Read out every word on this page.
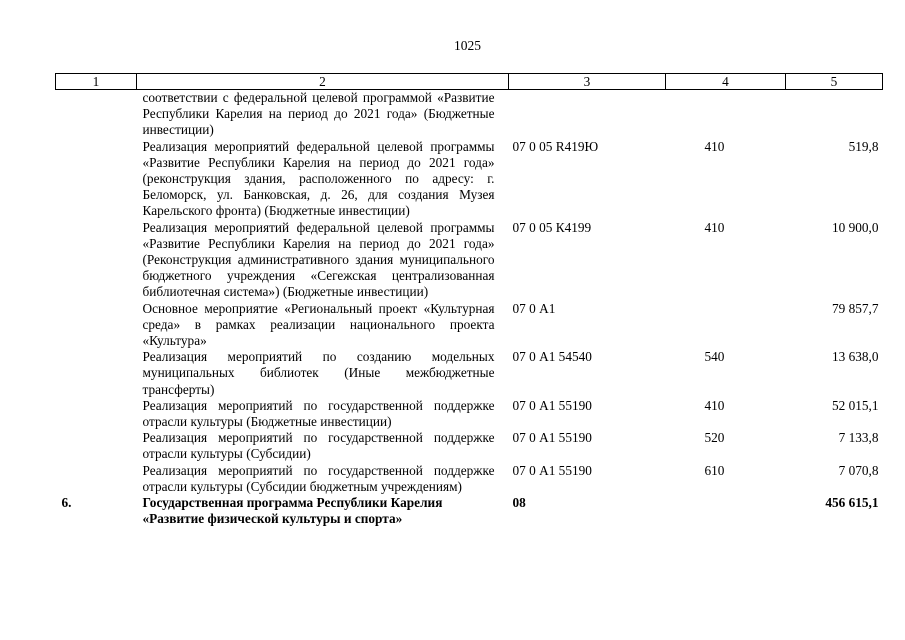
1025
1	2	3	4	5
	соответствии с федеральной целевой программой «Развитие Республики Карелия на период до 2021 года» (Бюджетные инвестиции)			
	Реализация мероприятий федеральной целевой программы «Развитие Республики Карелия на период до 2021 года» (реконструкция здания, расположенного по адресу: г. Беломорск, ул. Банковская, д. 26, для создания Музея Карельского фронта) (Бюджетные инвестиции)	07 0 05 R419Ю	410	519,8
	Реализация мероприятий федеральной целевой программы «Развитие Республики Карелия на период до 2021 года» (Реконструкция административного здания муниципального бюджетного учреждения «Сегежская централизованная библиотечная система») (Бюджетные инвестиции)	07 0 05 К4199	410	10 900,0
	Основное мероприятие «Региональный проект «Культурная среда» в рамках реализации национального проекта «Культура»	07 0 А1		79 857,7
	Реализация мероприятий по созданию модельных муниципальных библиотек (Иные межбюджетные трансферты)	07 0 А1 54540	540	13 638,0
	Реализация мероприятий по государственной поддержке отрасли культуры (Бюджетные инвестиции)	07 0 А1 55190	410	52 015,1
	Реализация мероприятий по государственной поддержке отрасли культуры (Субсидии)	07 0 А1 55190	520	7 133,8
	Реализация мероприятий по государственной поддержке отрасли культуры (Субсидии бюджетным учреждениям)	07 0 А1 55190	610	7 070,8
6.	Государственная программа Республики Карелия «Развитие физической культуры и спорта»	08		456 615,1
